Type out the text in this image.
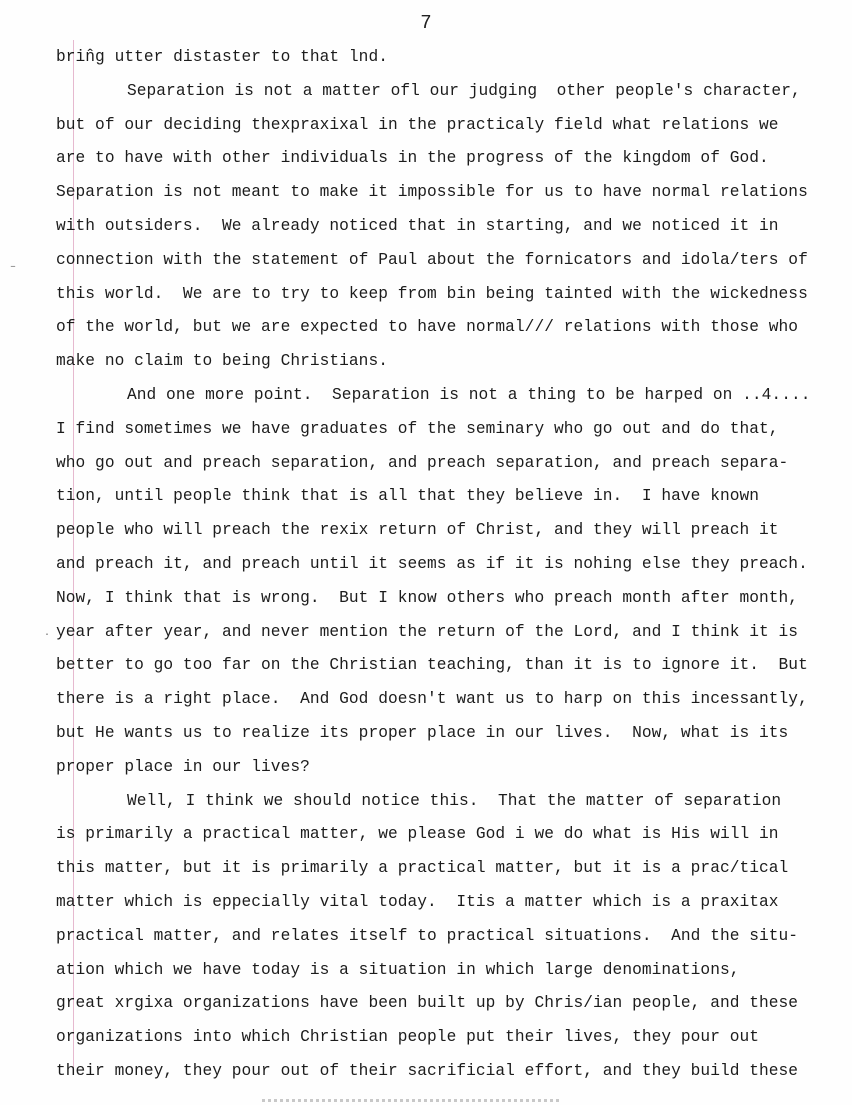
7
–
.
brin̂g utter distaster to that lnd.
Separation is not a matter ofl our judging  other people's character,
but of our deciding thexpraxixal in the practicaly field what relations we
are to have with other individuals in the progress of the kingdom of God.
Separation is not meant to make it impossible for us to have normal relations
with outsiders.  We already noticed that in starting, and we noticed it in
connection with the statement of Paul about the fornicators and idola/ters of
this world.  We are to try to keep from bin being tainted with the wickedness
of the world, but we are expected to have normal/// relations with those who
make no claim to being Christians.
And one more point.  Separation is not a thing to be harped on ..4....
I find sometimes we have graduates of the seminary who go out and do that,
who go out and preach separation, and preach separation, and preach separa-
tion, until people think that is all that they believe in.  I have known
people who will preach the rexix return of Christ, and they will preach it
and preach it, and preach until it seems as if it is nohing else they preach.
Now, I think that is wrong.  But I know others who preach month after month,
year after year, and never mention the return of the Lord, and I think it is
better to go too far on the Christian teaching, than it is to ignore it.  But
there is a right place.  And God doesn't want us to harp on this incessantly,
but He wants us to realize its proper place in our lives.  Now, what is its
proper place in our lives?
Well, I think we should notice this.  That the matter of separation
is primarily a practical matter, we please God i we do what is His will in
this matter, but it is primarily a practical matter, but it is a prac/tical
matter which is eppecially vital today.  Itis a matter which is a praxitax
practical matter, and relates itself to practical situations.  And the situ-
ation which we have today is a situation in which large denominations,
great xrgixa organizations have been built up by Chris/ian people, and these
organizations into which Christian people put their lives, they pour out
their money, they pour out of their sacrificial effort, and they build these
